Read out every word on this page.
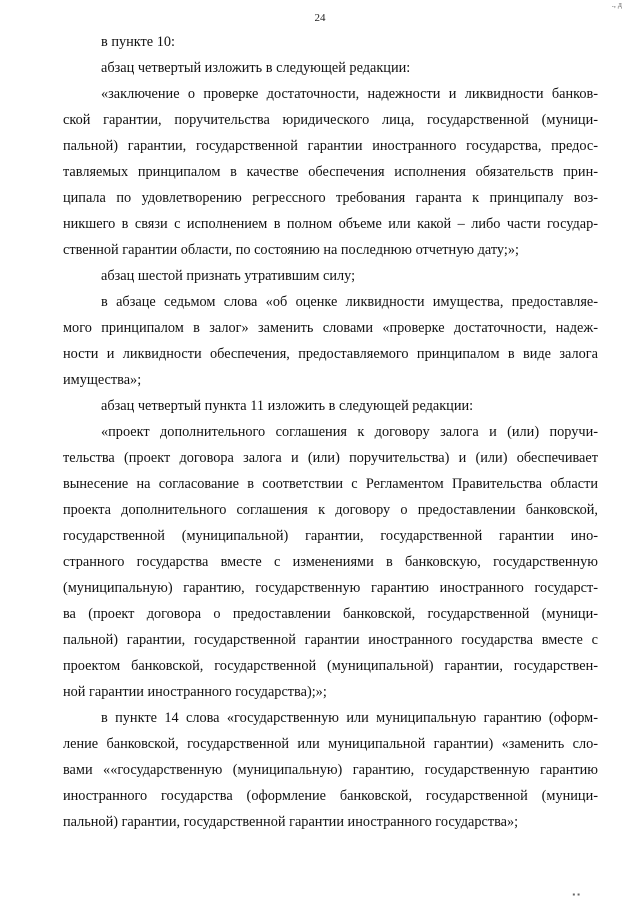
., д
24
в пункте 10:
абзац четвертый изложить в следующей редакции:
«заключение о проверке достаточности, надежности и ликвидности банков-
ской гарантии, поручительства юридического лица, государственной (муници-
пальной) гарантии, государственной гарантии иностранного государства, предос-
тавляемых принципалом в качестве обеспечения исполнения обязательств прин-
ципала по удовлетворению регрессного требования гаранта к принципалу воз-
никшего в связи с исполнением в полном объеме или какой – либо части государ-
ственной гарантии области, по состоянию на последнюю отчетную дату;»;
абзац шестой признать утратившим силу;
в абзаце седьмом слова «об оценке ликвидности имущества, предоставляе-
мого принципалом в залог» заменить словами «проверке достаточности, надеж-
ности и ликвидности обеспечения, предоставляемого принципалом в виде залога
имущества»;
абзац четвертый пункта 11 изложить в следующей редакции:
«проект дополнительного соглашения к договору залога и (или) поручи-
тельства (проект договора залога и (или) поручительства) и (или) обеспечивает
вынесение на согласование в соответствии с Регламентом Правительства области
проекта дополнительного соглашения к договору о предоставлении банковской,
государственной (муниципальной) гарантии, государственной гарантии ино-
странного государства вместе с изменениями в банковскую, государственную
(муниципальную) гарантию, государственную гарантию иностранного государст-
ва (проект договора о предоставлении банковской, государственной (муници-
пальной) гарантии, государственной гарантии иностранного государства вместе с
проектом банковской, государственной (муниципальной) гарантии, государствен-
ной гарантии иностранного государства);»;
в пункте 14 слова «государственную или муниципальную гарантию (оформ-
ление банковской, государственной или муниципальной гарантии) «заменить сло-
вами ««государственную (муниципальную) гарантию, государственную гарантию
иностранного государства (оформление банковской, государственной (муници-
пальной) гарантии, государственной гарантии иностранного государства»;
▪ ▪
